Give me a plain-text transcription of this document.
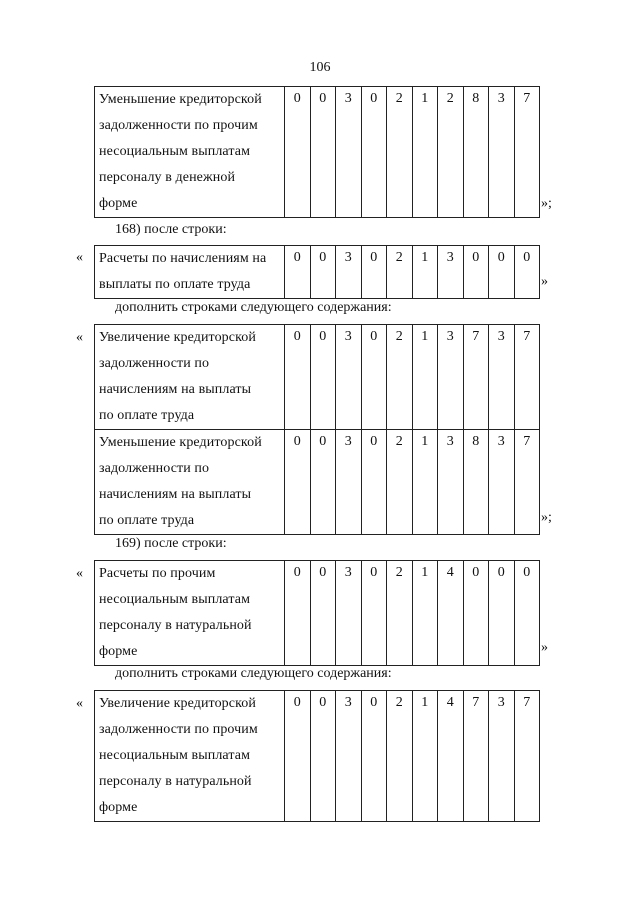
106
Уменьшение кредиторской
задолженности по прочим
несоциальным выплатам
персоналу в денежной
форме
	0	0	3	0	2	1	2	8	3	7
»;
168) после строки:
« Расчеты по начислениям на
выплаты по оплате труда
	0	0	3	0	2	1	3	0	0	0
»
дополнить строками следующего содержания:
« Увеличение кредиторской
задолженности по
начислениям на выплаты
по оплате труда	0	0	3	0	2	1	3	7	3	7

Уменьшение кредиторской
задолженности по
начислениям на выплаты
по оплате труда	0	0	3	0	2	1	3	8	3	7
»;
169) после строки:
« Расчеты по прочим
несоциальным выплатам
персоналу в натуральной
форме
	0	0	3	0	2	1	4	0	0	0
»
дополнить строками следующего содержания:
« Увеличение кредиторской
задолженности по прочим
несоциальным выплатам
персоналу в натуральной
форме
	0	0	3	0	2	1	4	7	3	7
